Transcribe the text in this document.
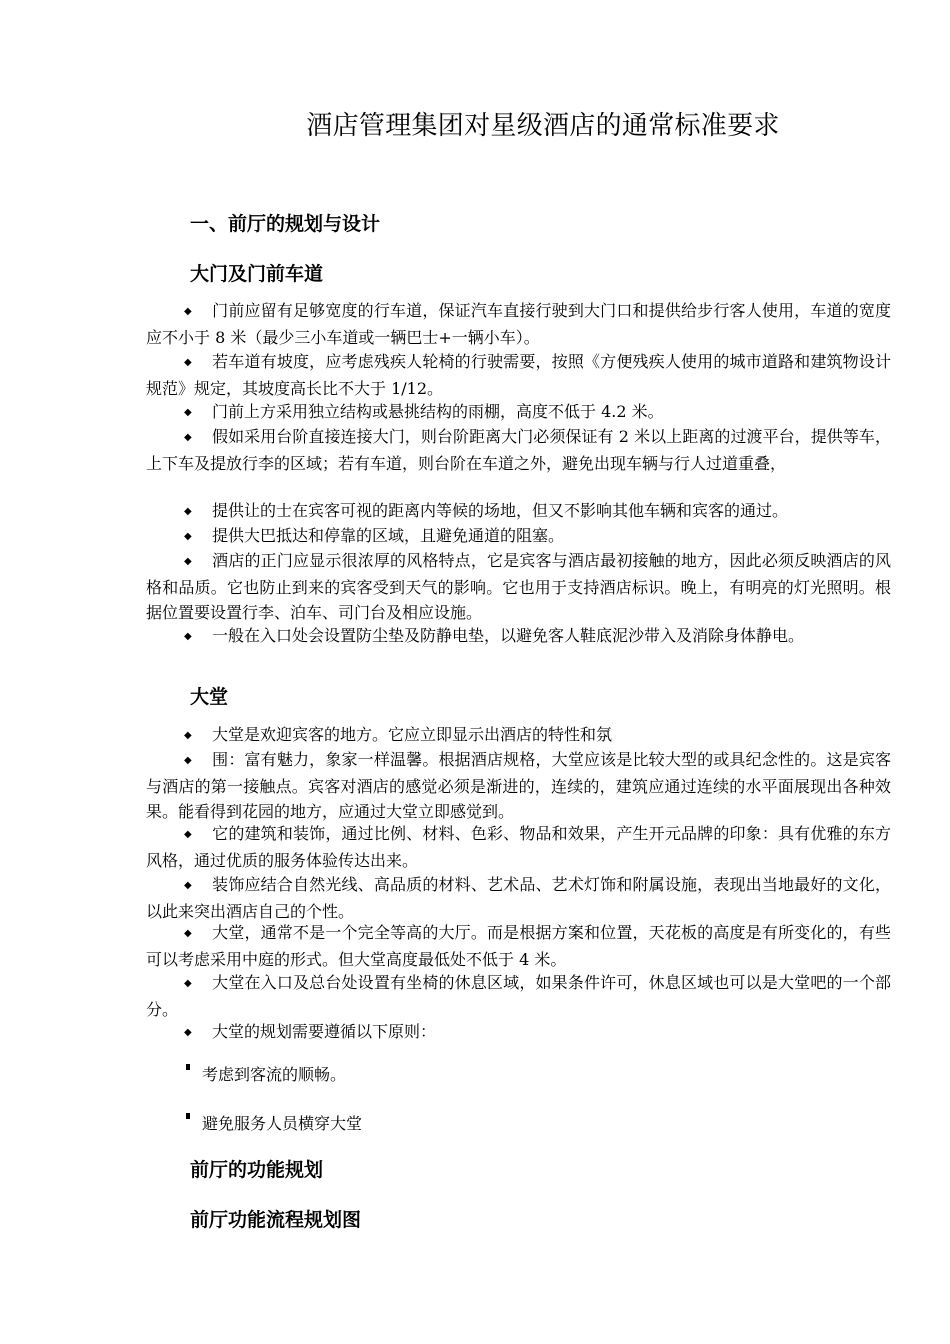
酒店管理集团对星级酒店的通常标准要求
一、前厅的规划与设计
大门及门前车道

◆ 门前应留有足够宽度的行车道，保证汽车直接行驶到大门口和提供给步行客人使用，车道的宽度应不小于 8 米（最少三小车道或一辆巴士+一辆小车）。

◆ 若车道有坡度，应考虑残疾人轮椅的行驶需要，按照《方便残疾人使用的城市道路和建筑物设计规范》规定，其坡度高长比不大于 1/12。

◆ 门前上方采用独立结构或悬挑结构的雨棚，高度不低于 4.2 米。

◆ 假如采用台阶直接连接大门，则台阶距离大门必须保证有 2 米以上距离的过渡平台，提供等车，上下车及提放行李的区域；若有车道，则台阶在车道之外，避免出现车辆与行人过道重叠，

◆ 提供让的士在宾客可视的距离内等候的场地，但又不影响其他车辆和宾客的通过。

◆ 提供大巴抵达和停靠的区域，且避免通道的阻塞。

◆ 酒店的正门应显示很浓厚的风格特点，它是宾客与酒店最初接触的地方，因此必须反映酒店的风格和品质。它也防止到来的宾客受到天气的影响。它也用于支持酒店标识。晚上，有明亮的灯光照明。根据位置要设置行李、泊车、司门台及相应设施。

◆ 一般在入口处会设置防尘垫及防静电垫，以避免客人鞋底泥沙带入及消除身体静电。

大堂

◆ 大堂是欢迎宾客的地方。它应立即显示出酒店的特性和氛

◆ 围：富有魅力，象家一样温馨。根据酒店规格，大堂应该是比较大型的或具纪念性的。这是宾客与酒店的第一接触点。宾客对酒店的感觉必须是渐进的，连续的，建筑应通过连续的水平面展现出各种效果。能看得到花园的地方，应通过大堂立即感觉到。

◆ 它的建筑和装饰，通过比例、材料、色彩、物品和效果，产生开元品牌的印象：具有优雅的东方风格，通过优质的服务体验传达出来。

◆ 装饰应结合自然光线、高品质的材料、艺术品、艺术灯饰和附属设施，表现出当地最好的文化，以此来突出酒店自己的个性。

◆ 大堂，通常不是一个完全等高的大厅。而是根据方案和位置，天花板的高度是有所变化的，有些可以考虑采用中庭的形式。但大堂高度最低处不低于 4 米。

◆ 大堂在入口及总台处设置有坐椅的休息区域，如果条件许可，休息区域也可以是大堂吧的一个部分。

◆ 大堂的规划需要遵循以下原则：

考虑到客流的顺畅。

避免服务人员横穿大堂

前厅的功能规划
前厅功能流程规划图
